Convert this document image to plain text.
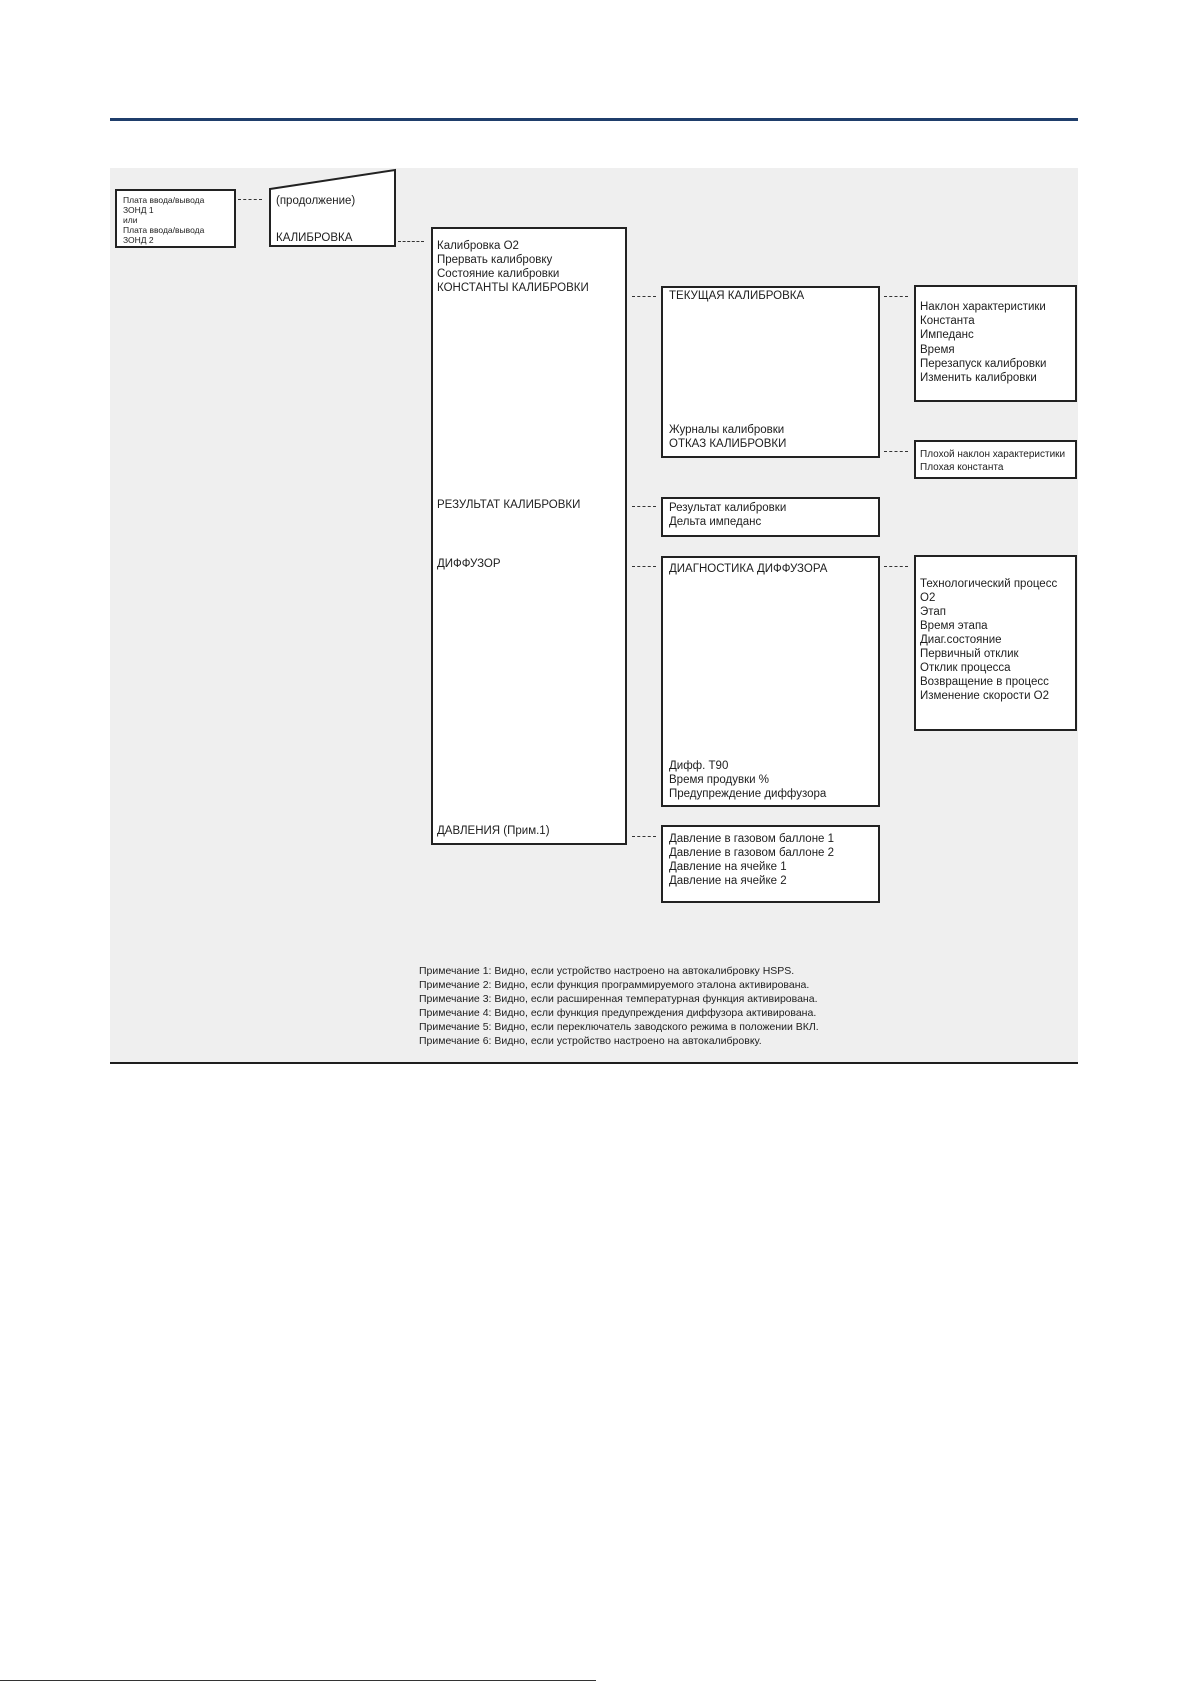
Плата ввода/вывода
ЗОНД 1
или
Плата ввода/вывода
ЗОНД 2
(продолжение)
КАЛИБРОВКА
Калибровка O2
Прервать калибровку
Состояние калибровки
КОНСТАНТЫ КАЛИБРОВКИ
РЕЗУЛЬТАТ КАЛИБРОВКИ
ДИФФУЗОР
ДАВЛЕНИЯ (Прим.1)
ТЕКУЩАЯ КАЛИБРОВКА
Журналы калибровки
ОТКАЗ КАЛИБРОВКИ
Наклон характеристики
Константа
Импеданс
Время
Перезапуск калибровки
Изменить калибровки
Плохой наклон характеристики
Плохая константа
Результат калибровки
Дельта импеданс
ДИАГНОСТИКА ДИФФУЗОРА
Дифф. T90
Время продувки %
Предупреждение диффузора
Технологический процесс
O2
Этап
Время этапа
Диаг.состояние
Первичный отклик
Отклик процесса
Возвращение в процесс
Изменение скорости O2
Давление в газовом баллоне 1
Давление в газовом баллоне 2
Давление на ячейке 1
Давление на ячейке 2
Примечание 1: Видно, если устройство настроено на автокалибровку HSPS.
Примечание 2: Видно, если функция программируемого эталона активирована.
Примечание 3: Видно, если расширенная температурная функция активирована.
Примечание 4: Видно, если функция предупреждения диффузора активирована.
Примечание 5: Видно, если переключатель заводского режима в положении ВКЛ.
Примечание 6: Видно, если устройство настроено на автокалибровку.
